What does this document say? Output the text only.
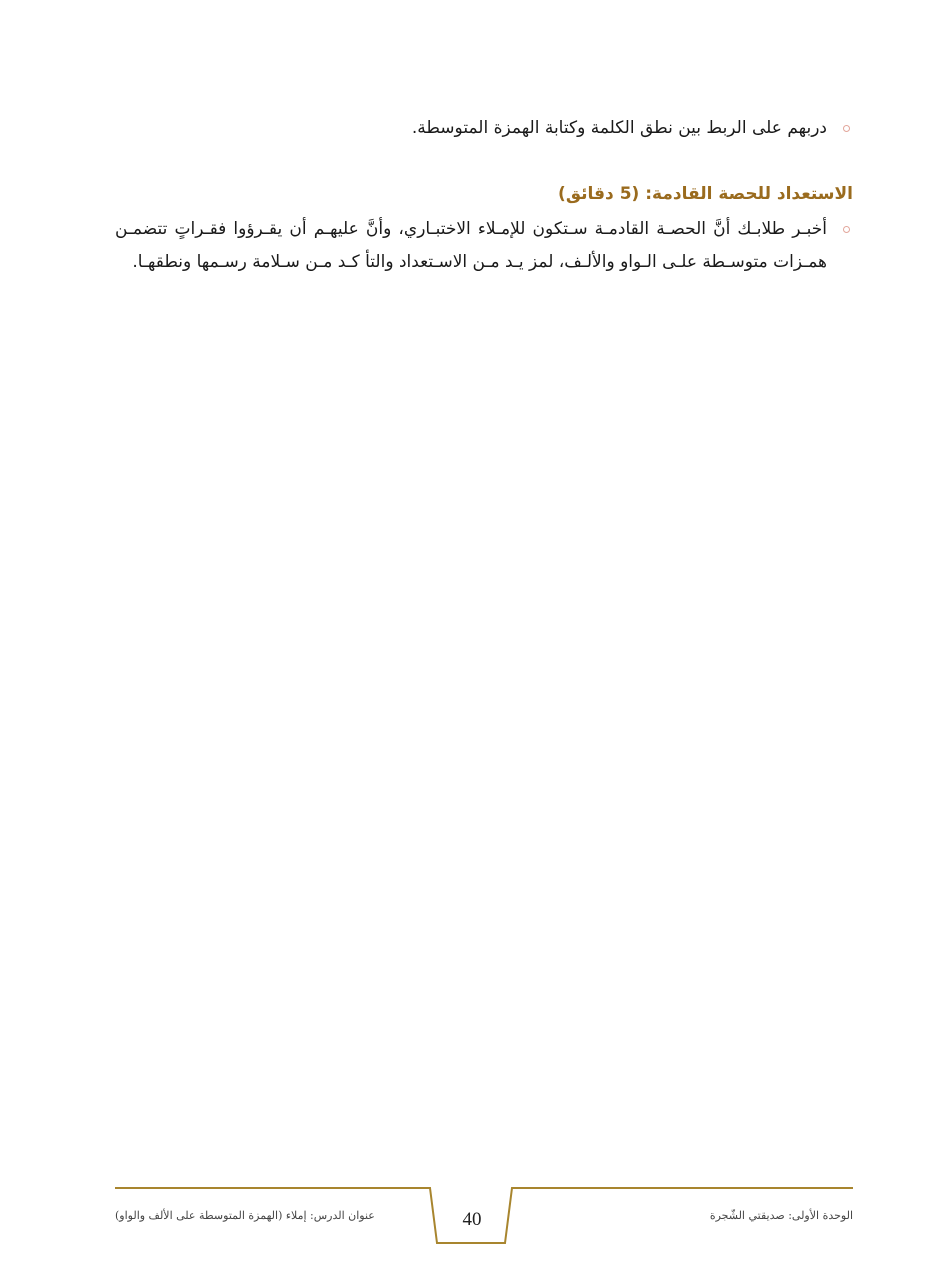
دربهم على الربط بين نطق الكلمة وكتابة الهمزة المتوسطة.
الاستعداد للحصة القادمة: (5 دقائق)
أخبـر طلابـك أنَّ الحصـة القادمـة سـتكون للإمـلاء الاختبـاري، وأنَّ عليهـم أن يقـرؤوا فقـراتٍ تتضمـن همـزات متوسـطة علـى الـواو والألـف، لمز يـد مـن الاسـتعداد والتأ كـد مـن سـلامة رسـمها ونطقهـا.
عنوان الدرس: إملاء (الهمزة المتوسطة على الألف والواو)	40	الوحدة الأولى: صديقتي الشّجرة
